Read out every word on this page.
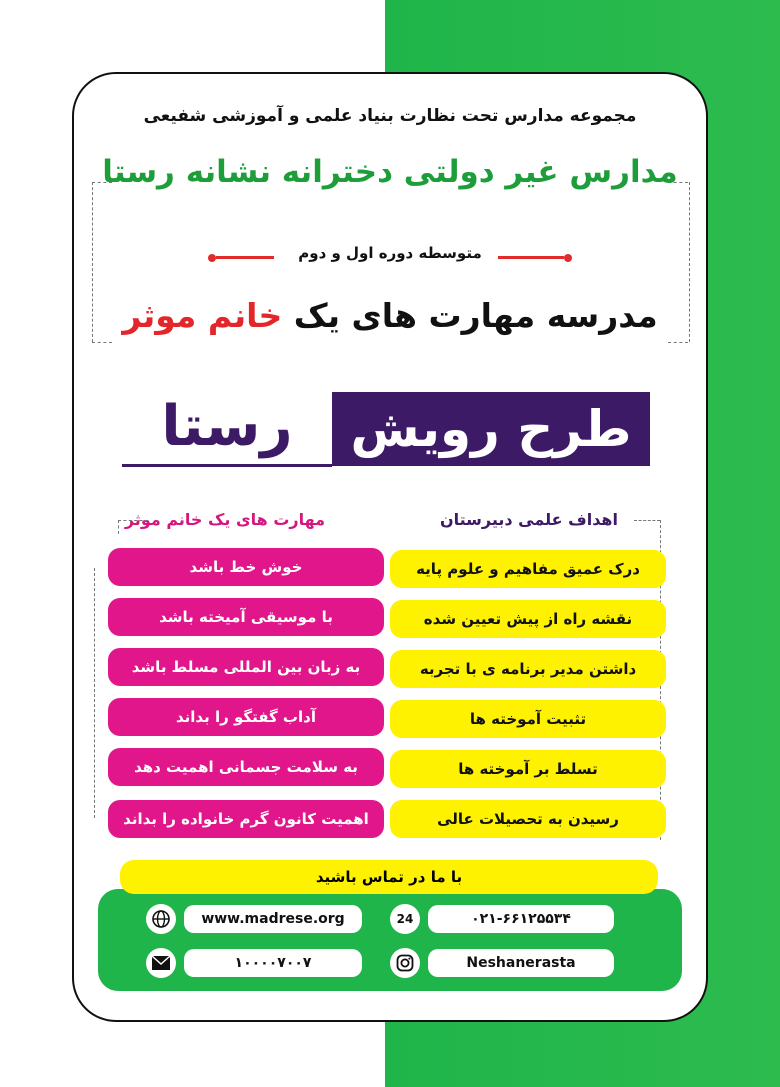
مجموعه مدارس تحت نظارت بنیاد علمی و آموزشی شفیعی
مدارس غیر دولتی دخترانه نشانه رستا
متوسطه دوره اول و دوم
مدرسه مهارت های یک خانم موثر
طرح رویش
رستا
اهداف علمی دبیرستان
مهارت های یک خانم موثر
درک عمیق مفاهیم و علوم پایه
نقشه راه از پیش تعیین شده
داشتن مدیر برنامه ی با تجربه
تثبیت آموخته ها
تسلط بر آموخته ها
رسیدن به تحصیلات عالی
خوش خط باشد
با موسیقی آمیخته باشد
به زبان بین المللی مسلط باشد
آداب گفتگو را بداند
به سلامت جسمانی اهمیت دهد
اهمیت کانون گرم خانواده را بداند
با ما در تماس باشید
www.madrese.org	24	۰۲۱-۶۶۱۲۵۵۳۴
۱۰۰۰۰۷۰۰۷	Neshanerasta
